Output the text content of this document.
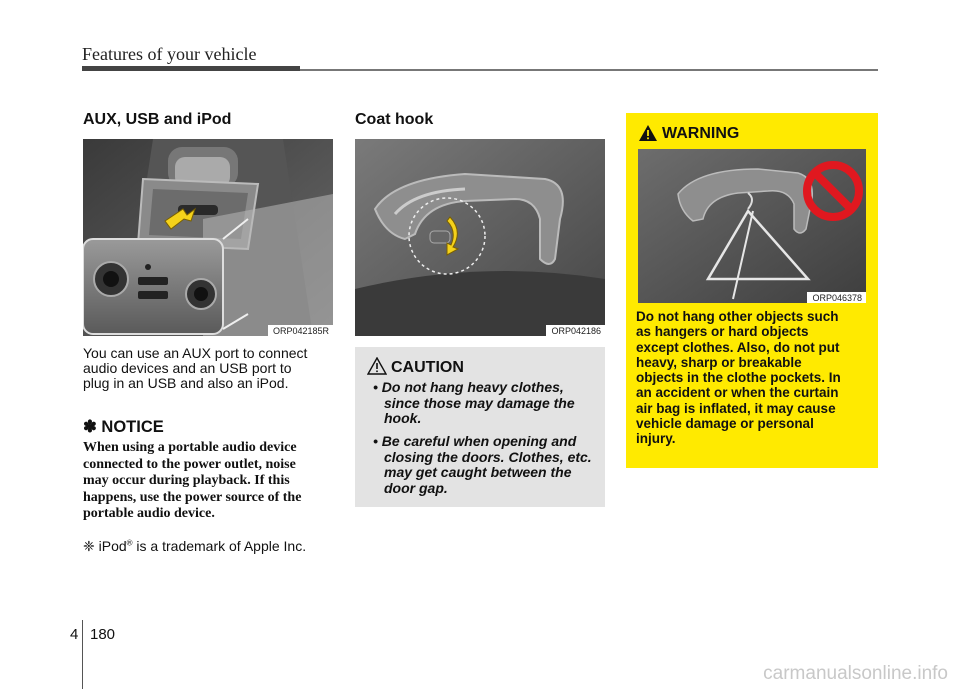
Features of your vehicle
AUX, USB and iPod
ORP042185R
You can use an AUX port to connect
audio devices and an USB port to
plug in an USB and also an iPod.
✽ NOTICE
When using a portable audio device
connected to the power outlet, noise
may occur during playback. If this
happens, use the power source of the
portable audio device.
❈ iPod® is a trademark of Apple Inc.
Coat hook
ORP042186
CAUTION
• Do not hang heavy clothes,
since those may damage the
hook.
• Be careful when opening and
closing the doors. Clothes, etc.
may get caught between the
door gap.
WARNING
ORP046378
Do not hang other objects such
as hangers or hard objects
except clothes. Also, do not put
heavy, sharp or breakable
objects in the clothe pockets. In
an accident or when the curtain
air bag is inflated, it may cause
vehicle damage or personal
injury.
4 180
carmanualsonline.info
